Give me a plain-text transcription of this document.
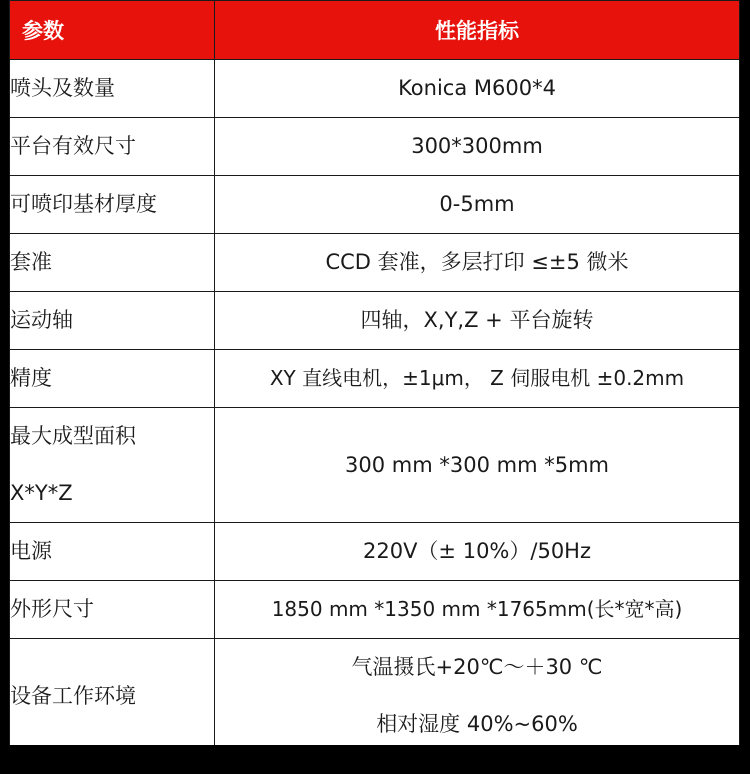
参数	性能指标

喷头及数量	Konica M600*4

平台有效尺寸	300*300mm

可喷印基材厚度	0-5mm

套准	CCD 套准，多层打印 ≤±5 微米

运动轴	四轴，X,Y,Z + 平台旋转

精度	XY 直线电机，±1μm， Z 伺服电机 ±0.2mm

最大成型面积
X*Y*Z	300 mm *300 mm *5mm

电源	220V（± 10%）/50Hz

外形尺寸	1850 mm *1350 mm *1765mm(长*宽*高)

设备工作环境	气温摄氏+20℃～＋30 ℃
相对湿度 40%~60%
